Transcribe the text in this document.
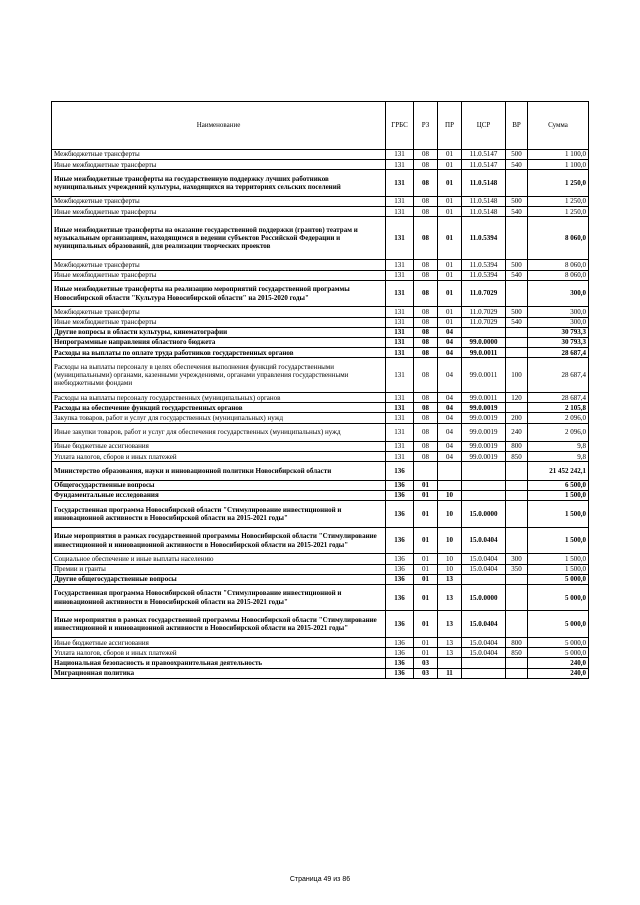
Наименование	ГРБС	РЗ	ПР	ЦСР	ВР	Сумма
Межбюджетные трансферты	131	08	01	11.0.5147	500	1 100,0
Иные межбюджетные трансферты	131	08	01	11.0.5147	540	1 100,0
Иные межбюджетные трансферты на государственную поддержку лучших работников муниципальных учреждений культуры, находящихся на территориях сельских поселений	131	08	01	11.0.5148		1 250,0
Межбюджетные трансферты	131	08	01	11.0.5148	500	1 250,0
Иные межбюджетные трансферты	131	08	01	11.0.5148	540	1 250,0
Иные межбюджетные трансферты на оказание государственной поддержки (грантов) театрам и музыкальным организациям, находящимся в ведении субъектов Российской Федерации и муниципальных образований, для реализации творческих проектов	131	08	01	11.0.5394		8 060,0
Межбюджетные трансферты	131	08	01	11.0.5394	500	8 060,0
Иные межбюджетные трансферты	131	08	01	11.0.5394	540	8 060,0
Иные межбюджетные трансферты на реализацию мероприятий государственной программы Новосибирской области "Культура Новосибирской области" на 2015-2020 годы"	131	08	01	11.0.7029		300,0
Межбюджетные трансферты	131	08	01	11.0.7029	500	300,0
Иные межбюджетные трансферты	131	08	01	11.0.7029	540	300,0
Другие вопросы в области культуры, кинематографии	131	08	04			30 793,3
Непрограммные направления областного бюджета	131	08	04	99.0.0000		30 793,3
Расходы на выплаты по оплате труда работников государственных органов	131	08	04	99.0.0011		28 687,4
Расходы на выплаты персоналу в целях обеспечения выполнения функций государственными (муниципальными) органами, казенными учреждениями, органами управления государственными внебюджетными фондами	131	08	04	99.0.0011	100	28 687,4
Расходы на выплаты персоналу государственных (муниципальных) органов	131	08	04	99.0.0011	120	28 687,4
Расходы на обеспечение функций государственных органов	131	08	04	99.0.0019		2 105,8
Закупка товаров, работ и услуг для государственных (муниципальных) нужд	131	08	04	99.0.0019	200	2 096,0
Иные закупки товаров, работ и услуг для обеспечения государственных (муниципальных) нужд	131	08	04	99.0.0019	240	2 096,0
Иные бюджетные ассигнования	131	08	04	99.0.0019	800	9,8
Уплата налогов, сборов и иных платежей	131	08	04	99.0.0019	850	9,8
Министерство образования, науки и инновационной политики Новосибирской области	136					21 452 242,1
Общегосударственные вопросы	136	01				6 500,0
Фундаментальные исследования	136	01	10			1 500,0
Государственная программа Новосибирской области "Стимулирование инвестиционной и инновационной активности в Новосибирской области на 2015-2021 годы"	136	01	10	15.0.0000		1 500,0
Иные мероприятия в рамках государственной программы Новосибирской области "Стимулирование инвестиционной и инновационной активности в Новосибирской области на 2015-2021 годы"	136	01	10	15.0.0404		1 500,0
Социальное обеспечение и иные выплаты населению	136	01	10	15.0.0404	300	1 500,0
Премии и гранты	136	01	10	15.0.0404	350	1 500,0
Другие общегосударственные вопросы	136	01	13			5 000,0
Государственная программа Новосибирской области "Стимулирование инвестиционной и инновационной активности в Новосибирской области на 2015-2021 годы"	136	01	13	15.0.0000		5 000,0
Иные мероприятия в рамках государственной программы Новосибирской области "Стимулирование инвестиционной и инновационной активности в Новосибирской области на 2015-2021 годы"	136	01	13	15.0.0404		5 000,0
Иные бюджетные ассигнования	136	01	13	15.0.0404	800	5 000,0
Уплата налогов, сборов и иных платежей	136	01	13	15.0.0404	850	5 000,0
Национальная безопасность и правоохранительная деятельность	136	03				240,0
Миграционная политика	136	03	11			240,0
Страница 49 из 86
